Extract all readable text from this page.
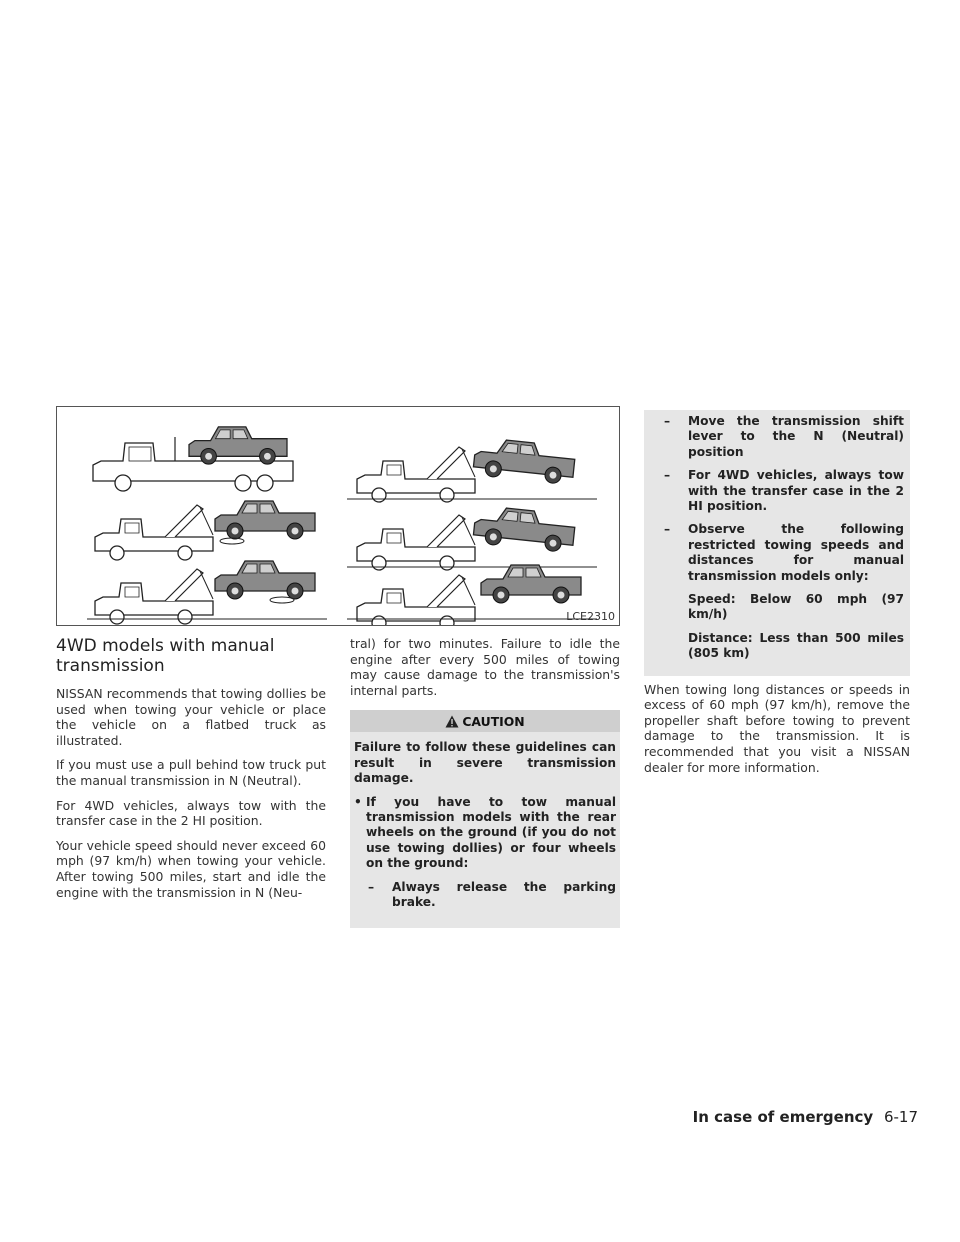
LCE2310
4WD models with manual transmission

NISSAN recommends that towing dollies be used when towing your vehicle or place the vehicle on a flatbed truck as illustrated.

If you must use a pull behind tow truck put the manual transmission in N (Neutral).

For 4WD vehicles, always tow with the transfer case in the 2 HI position.

Your vehicle speed should never exceed 60 mph (97 km/h) when towing your vehicle. After towing 500 miles, start and idle the engine with the transmission in N (Neu-

tral) for two minutes. Failure to idle the engine after every 500 miles of towing may cause damage to the transmission's internal parts.

CAUTION
Failure to follow these guidelines can result in severe transmission damage.
• If you have to tow manual transmission models with the rear wheels on the ground (if you do not use towing dollies) or four wheels on the ground:
–	Always release the parking brake.
–	Move the transmission shift lever to the N (Neutral) position
–	For 4WD vehicles, always tow with the transfer case in the 2 HI position.
–	Observe the following restricted towing speeds and distances for manual transmission models only:
Speed: Below 60 mph (97 km/h)
Distance: Less than 500 miles (805 km)

When towing long distances or speeds in excess of 60 mph (97 km/h), remove the propeller shaft before towing to prevent damage to the transmission. It is recommended that you visit a NISSAN dealer for more information.

In case of emergency 6-17
